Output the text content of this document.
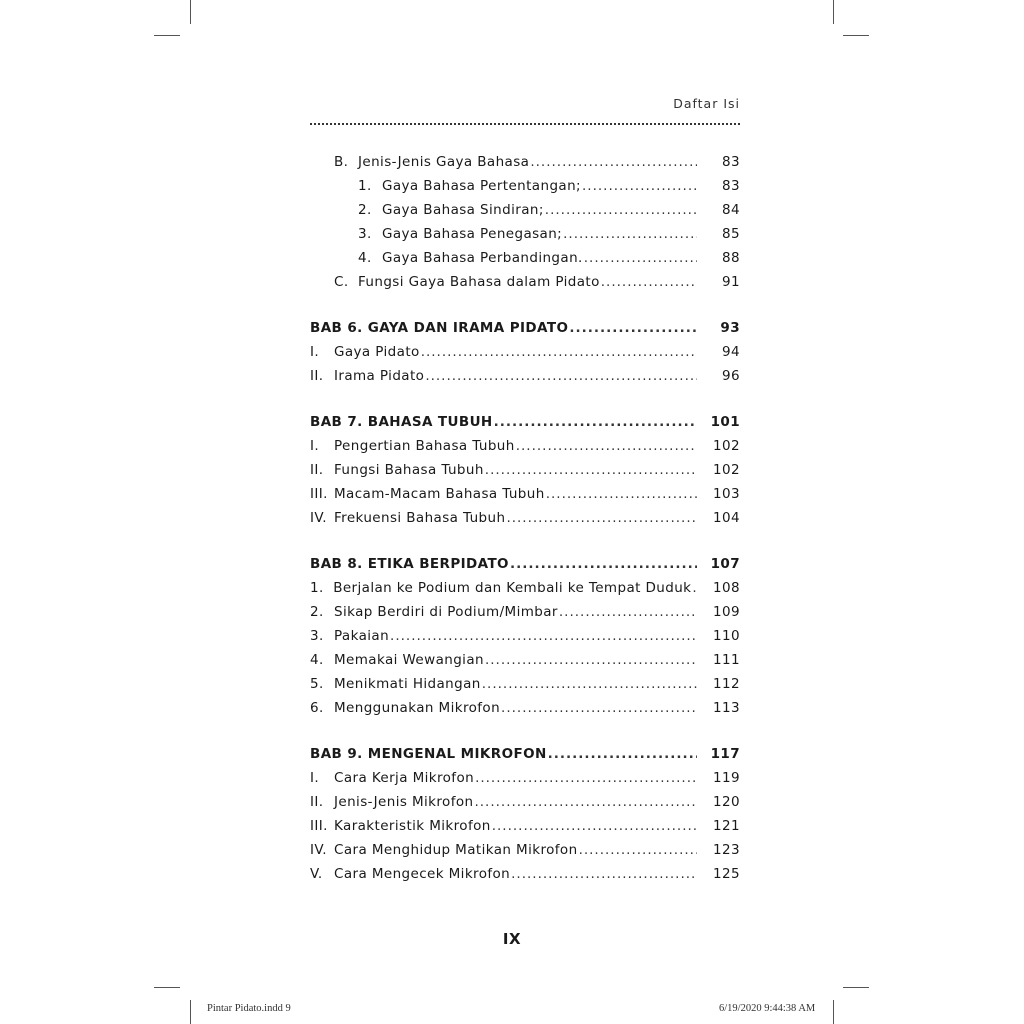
Daftar Isi
B. Jenis-Jenis Gaya Bahasa .....	83
1. Gaya Bahasa Pertentangan; .....	83
2. Gaya Bahasa Sindiran; .....	84
3. Gaya Bahasa Penegasan; .....	85
4. Gaya Bahasa Perbandingan. .....	88
C. Fungsi Gaya Bahasa dalam Pidato .....	91
BAB 6. GAYA DAN IRAMA PIDATO .....	93
I.	Gaya Pidato .....	94
II. Irama Pidato .....	96
BAB 7. BAHASA TUBUH .....	101
I.	Pengertian Bahasa Tubuh .....	102
II. Fungsi Bahasa Tubuh .....	102
III. Macam-Macam Bahasa Tubuh .....	103
IV. Frekuensi Bahasa Tubuh .....	104
BAB 8. ETIKA BERPIDATO .....	107
1. Berjalan ke Podium dan Kembali ke Tempat Duduk .....	108
2. Sikap Berdiri di Podium/Mimbar .....	109
3. Pakaian .....	110
4. Memakai Wewangian .....	111
5. Menikmati Hidangan .....	112
6. Menggunakan Mikrofon .....	113
BAB 9. MENGENAL MIKROFON .....	117
I.	Cara Kerja Mikrofon .....	119
II. Jenis-Jenis Mikrofon .....	120
III. Karakteristik Mikrofon .....	121
IV. Cara Menghidup Matikan Mikrofon .....	123
V. Cara Mengecek Mikrofon .....	125
IX
Pintar Pidato.indd 9	6/19/2020 9:44:38 AM
